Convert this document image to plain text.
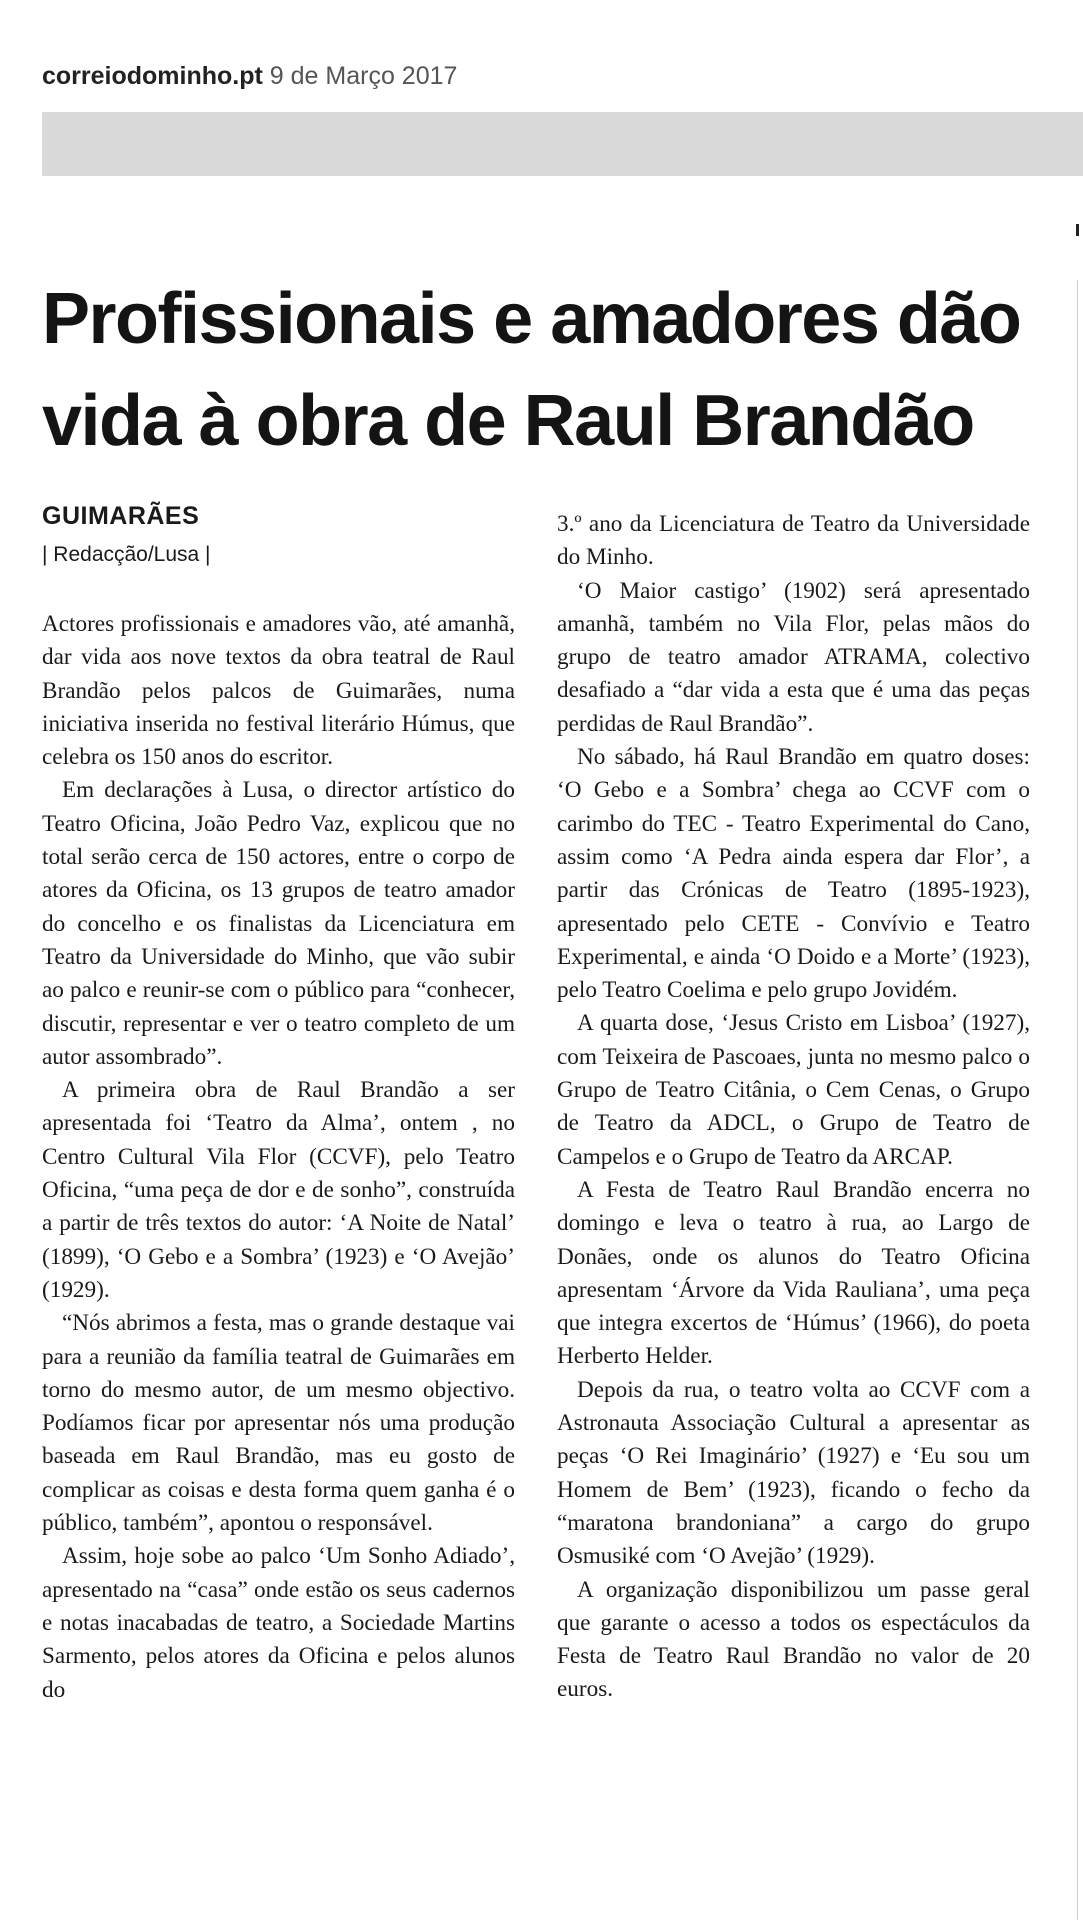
correiodominho.pt 9 de Março 2017
Profissionais e amadores dão vida à obra de Raul Brandão
GUIMARÃES
| Redacção/Lusa |

Actores profissionais e amadores vão, até amanhã, dar vida aos nove textos da obra teatral de Raul Brandão pelos palcos de Guimarães, numa iniciativa inserida no festival literário Húmus, que celebra os 150 anos do escritor.

Em declarações à Lusa, o director artístico do Teatro Oficina, João Pedro Vaz, explicou que no total serão cerca de 150 actores, entre o corpo de atores da Oficina, os 13 grupos de teatro amador do concelho e os finalistas da Licenciatura em Teatro da Universidade do Minho, que vão subir ao palco e reunir-se com o público para “conhecer, discutir, representar e ver o teatro completo de um autor assombrado”.

A primeira obra de Raul Brandão a ser apresentada foi ‘Teatro da Alma’, ontem , no Centro Cultural Vila Flor (CCVF), pelo Teatro Oficina, “uma peça de dor e de sonho”, construída a partir de três textos do autor: ‘A Noite de Natal’ (1899), ‘O Gebo e a Sombra’ (1923) e ‘O Avejão’ (1929).

“Nós abrimos a festa, mas o grande destaque vai para a reunião da família teatral de Guimarães em torno do mesmo autor, de um mesmo objectivo. Podíamos ficar por apresentar nós uma produção baseada em Raul Brandão, mas eu gosto de complicar as coisas e desta forma quem ganha é o público, também”, apontou o responsável.

Assim, hoje sobe ao palco ‘Um Sonho Adiado’, apresentado na “casa” onde estão os seus cadernos e notas inacabadas de teatro, a Sociedade Martins Sarmento, pelos atores da Oficina e pelos alunos do

3.º ano da Licenciatura de Teatro da Universidade do Minho.

‘O Maior castigo’ (1902) será apresentado amanhã, também no Vila Flor, pelas mãos do grupo de teatro amador ATRAMA, colectivo desafiado a “dar vida a esta que é uma das peças perdidas de Raul Brandão”.

No sábado, há Raul Brandão em quatro doses: ‘O Gebo e a Sombra’ chega ao CCVF com o carimbo do TEC - Teatro Experimental do Cano, assim como ‘A Pedra ainda espera dar Flor’, a partir das Crónicas de Teatro (1895-1923), apresentado pelo CETE - Convívio e Teatro Experimental, e ainda ‘O Doido e a Morte’ (1923), pelo Teatro Coelima e pelo grupo Jovidém.

A quarta dose, ‘Jesus Cristo em Lisboa’ (1927), com Teixeira de Pascoaes, junta no mesmo palco o Grupo de Teatro Citânia, o Cem Cenas, o Grupo de Teatro da ADCL, o Grupo de Teatro de Campelos e o Grupo de Teatro da ARCAP.

A Festa de Teatro Raul Brandão encerra no domingo e leva o teatro à rua, ao Largo de Donães, onde os alunos do Teatro Oficina apresentam ‘Árvore da Vida Rauliana’, uma peça que integra excertos de ‘Húmus’ (1966), do poeta Herberto Helder.

Depois da rua, o teatro volta ao CCVF com a Astronauta Associação Cultural a apresentar as peças ‘O Rei Imaginário’ (1927) e ‘Eu sou um Homem de Bem’ (1923), ficando o fecho da “maratona brandoniana” a cargo do grupo Osmusiké com ‘O Avejão’ (1929).

A organização disponibilizou um passe geral que garante o acesso a todos os espectáculos da Festa de Teatro Raul Brandão no valor de 20 euros.
